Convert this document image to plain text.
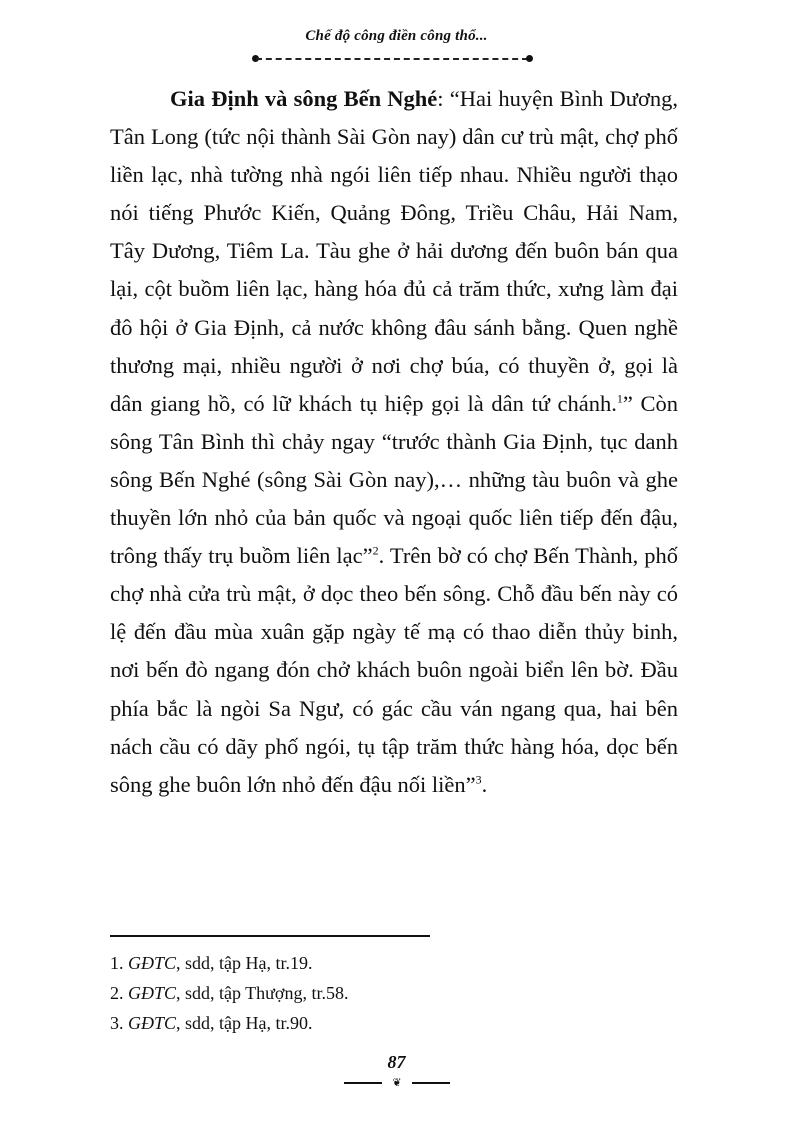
Chế độ công điền công thổ...

Gia Định và sông Bến Nghé: “Hai huyện Bình Dương, Tân Long (tức nội thành Sài Gòn nay) dân cư trù mật, chợ phố liền lạc, nhà tường nhà ngói liên tiếp nhau. Nhiều người thạo nói tiếng Phước Kiến, Quảng Đông, Triều Châu, Hải Nam, Tây Dương, Tiêm La. Tàu ghe ở hải dương đến buôn bán qua lại, cột buồm liên lạc, hàng hóa đủ cả trăm thức, xưng làm đại đô hội ở Gia Định, cả nước không đâu sánh bằng. Quen nghề thương mại, nhiều người ở nơi chợ búa, có thuyền ở, gọi là dân giang hồ, có lữ khách tụ hiệp gọi là dân tứ chánh.$^1$” Còn sông Tân Bình thì chảy ngay “trước thành Gia Định, tục danh sông Bến Nghé (sông Sài Gòn nay),… những tàu buôn và ghe thuyền lớn nhỏ của bản quốc và ngoại quốc liên tiếp đến đậu, trông thấy trụ buồm liên lạc”$^2$. Trên bờ có chợ Bến Thành, phố chợ nhà cửa trù mật, ở dọc theo bến sông. Chỗ đầu bến này có lệ đến đầu mùa xuân gặp ngày tế mạ có thao diễn thủy binh, nơi bến đò ngang đón chở khách buôn ngoài biển lên bờ. Đầu phía bắc là ngòi Sa Ngư, có gác cầu ván ngang qua, hai bên nách cầu có dãy phố ngói, tụ tập trăm thức hàng hóa, dọc bến sông ghe buôn lớn nhỏ đến đậu nối liền”$^3$.

1. GĐTC, sdd, tập Hạ, tr.19.
2. GĐTC, sdd, tập Thượng, tr.58.
3. GĐTC, sdd, tập Hạ, tr.90.
87
❦
